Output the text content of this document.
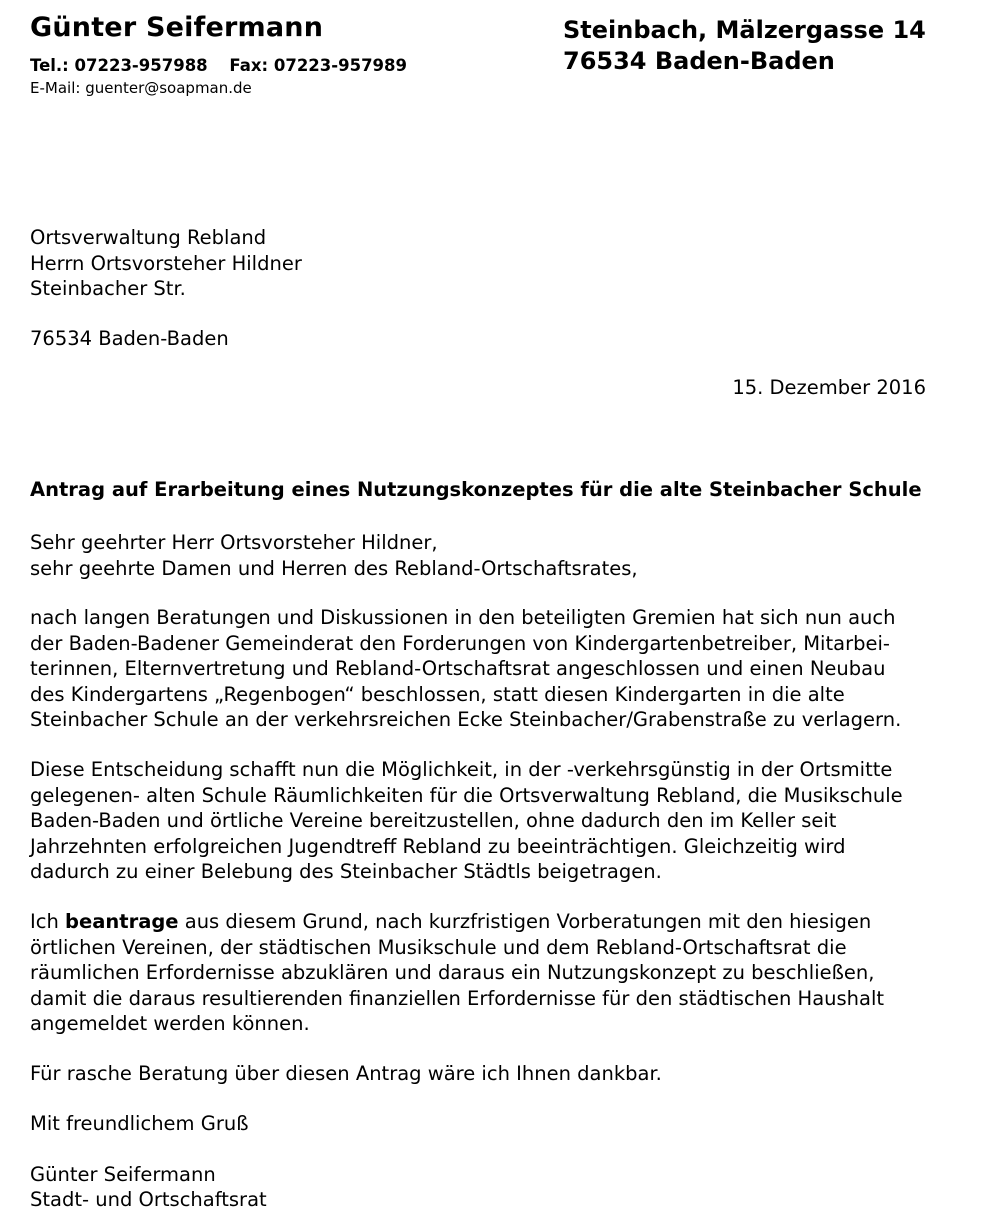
Günter Seifermann
Tel.: 07223-957988 Fax: 07223-957989
E-Mail: guenter@soapman.de
Steinbach, Mälzergasse 14
76534 Baden-Baden
Ortsverwaltung Rebland
Herrn Ortsvorsteher Hildner
Steinbacher Str.
76534 Baden-Baden
15. Dezember 2016
Antrag auf Erarbeitung eines Nutzungskonzeptes für die alte Steinbacher Schule
Sehr geehrter Herr Ortsvorsteher Hildner,
sehr geehrte Damen und Herren des Rebland-Ortschaftsrates,
nach langen Beratungen und Diskussionen in den beteiligten Gremien hat sich nun auch
der Baden-Badener Gemeinderat den Forderungen von Kindergartenbetreiber, Mitarbei-
terinnen, Elternvertretung und Rebland-Ortschaftsrat angeschlossen und einen Neubau
des Kindergartens „Regenbogen“ beschlossen, statt diesen Kindergarten in die alte
Steinbacher Schule an der verkehrsreichen Ecke Steinbacher/Grabenstraße zu verlagern.
Diese Entscheidung schafft nun die Möglichkeit, in der -verkehrsgünstig in der Ortsmitte
gelegenen- alten Schule Räumlichkeiten für die Ortsverwaltung Rebland, die Musikschule
Baden-Baden und örtliche Vereine bereitzustellen, ohne dadurch den im Keller seit
Jahrzehnten erfolgreichen Jugendtreff Rebland zu beeinträchtigen. Gleichzeitig wird
dadurch zu einer Belebung des Steinbacher Städtls beigetragen.
Ich beantrage aus diesem Grund, nach kurzfristigen Vorberatungen mit den hiesigen
örtlichen Vereinen, der städtischen Musikschule und dem Rebland-Ortschaftsrat die
räumlichen Erfordernisse abzuklären und daraus ein Nutzungskonzept zu beschließen,
damit die daraus resultierenden finanziellen Erfordernisse für den städtischen Haushalt
angemeldet werden können.
Für rasche Beratung über diesen Antrag wäre ich Ihnen dankbar.
Mit freundlichem Gruß
Günter Seifermann
Stadt- und Ortschaftsrat
